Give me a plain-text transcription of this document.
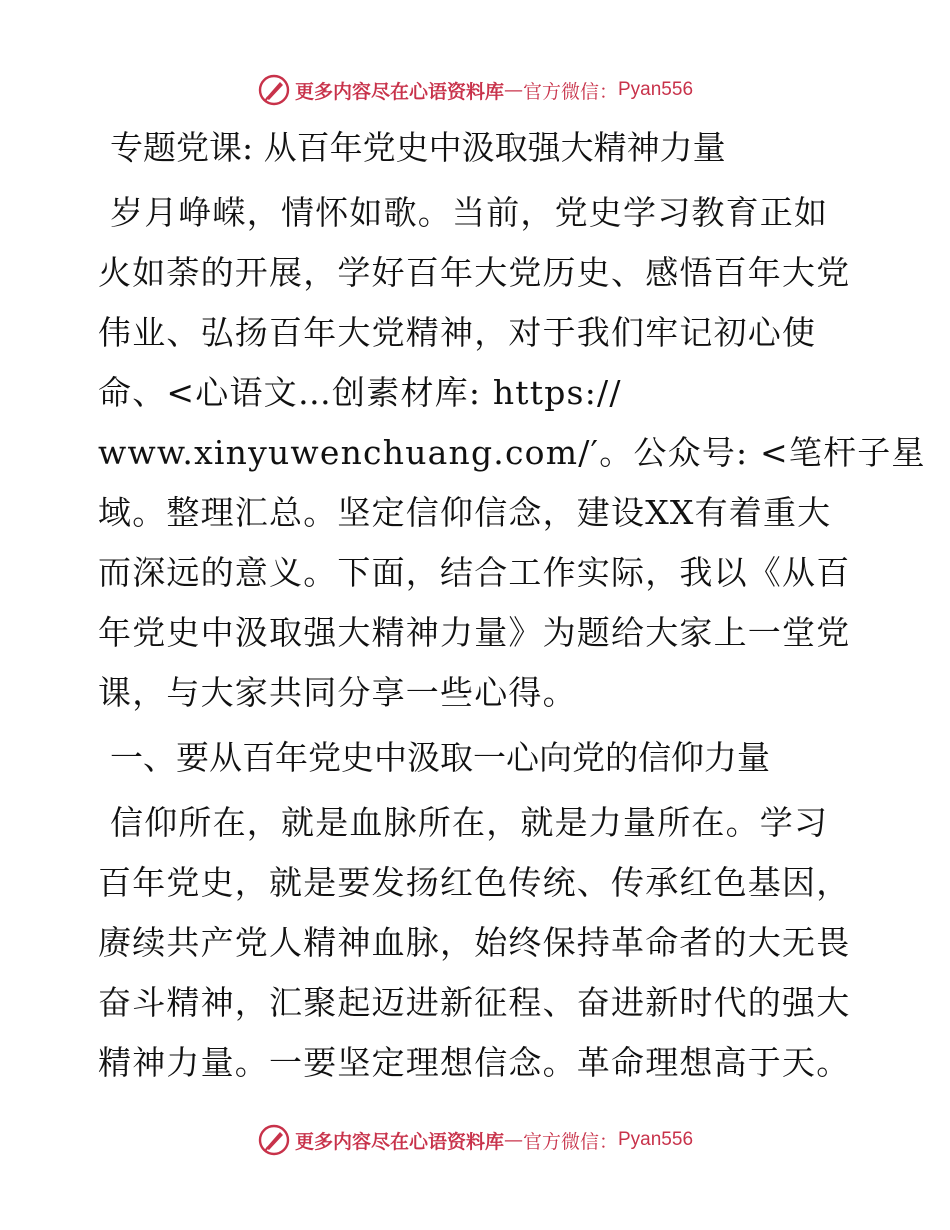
更多内容尽在心语资料库 — 官方微信： Pyan556
专题党课: 从百年党史中汲取强大精神力量
岁月峥嵘，情怀如歌。当前，党史学习教育正如
火如荼的开展，学好百年大党历史、感悟百年大党
伟业、弘扬百年大党精神，对于我们牢记初心使
命、<心语文…创素材库: https://
www.xinyuwenchuang.com/′。公众号: <笔杆子星
域。整理汇总。坚定信仰信念，建设XX有着重大
而深远的意义。下面，结合工作实际，我以《从百
年党史中汲取强大精神力量》为题给大家上一堂党
课，与大家共同分享一些心得。
一、要从百年党史中汲取一心向党的信仰力量
信仰所在，就是血脉所在，就是力量所在。学习
百年党史，就是要发扬红色传统、传承红色基因，
赓续共产党人精神血脉，始终保持革命者的大无畏
奋斗精神，汇聚起迈进新征程、奋进新时代的强大
精神力量。一要坚定理想信念。革命理想高于天。
更多内容尽在心语资料库 — 官方微信： Pyan556
